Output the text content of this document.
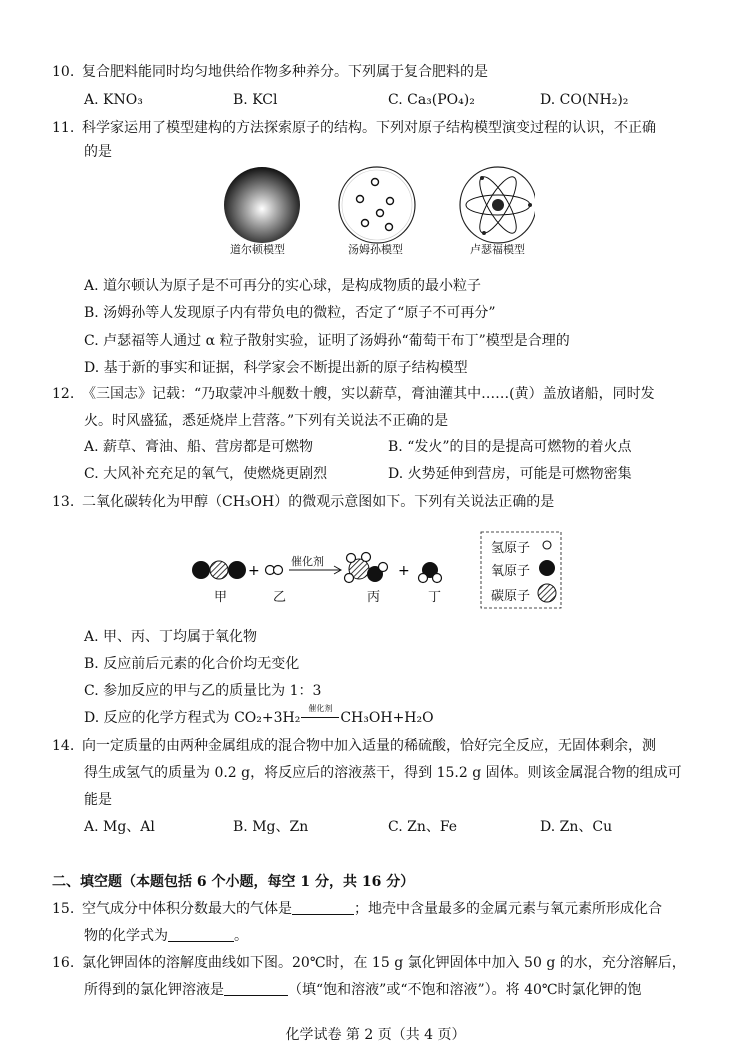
10. 复合肥料能同时均匀地供给作物多种养分。下列属于复合肥料的是
A. KNO₃	B. KCl	C. Ca₃(PO₄)₂	D. CO(NH₂)₂
11. 科学家运用了模型建构的方法探索原子的结构。下列对原子结构模型演变过程的认识，不正确
的是
道尔顿模型	汤姆孙模型	卢瑟福模型
A. 道尔顿认为原子是不可再分的实心球，是构成物质的最小粒子
B. 汤姆孙等人发现原子内有带负电的微粒，否定了“原子不可再分”
C. 卢瑟福等人通过 α 粒子散射实验，证明了汤姆孙“葡萄干布丁”模型是合理的
D. 基于新的事实和证据，科学家会不断提出新的原子结构模型
12. 《三国志》记载：“乃取蒙冲斗舰数十艘，实以薪草，膏油灌其中……(黄）盖放诸船，同时发
火。时风盛猛，悉延烧岸上营落。”下列有关说法不正确的是
A. 薪草、膏油、船、营房都是可燃物	B. “发火”的目的是提高可燃物的着火点
C. 大风补充充足的氧气，使燃烧更剧烈	D. 火势延伸到营房，可能是可燃物密集
13. 二氧化碳转化为甲醇（CH₃OH）的微观示意图如下。下列有关说法正确的是
+	+
催化剂
甲	乙	丙	丁
氢原子
氧原子
碳原子
A. 甲、丙、丁均属于氧化物
B. 反应前后元素的化合价均无变化
C. 参加反应的甲与乙的质量比为 1：3
D. 反应的化学方程式为 CO₂+3H₂
催化剂
CH₃OH+H₂O
14. 向一定质量的由两种金属组成的混合物中加入适量的稀硫酸，恰好完全反应，无固体剩余，测
得生成氢气的质量为 0.2 g，将反应后的溶液蒸干，得到 15.2 g 固体。则该金属混合物的组成可
能是
A. Mg、Al	B. Mg、Zn	C. Zn、Fe	D. Zn、Cu
二、填空题（本题包括 6 个小题，每空 1 分，共 16 分）
15. 空气成分中体积分数最大的气体是	；地壳中含量最多的金属元素与氧元素所形成化合
物的化学式为	。
16. 氯化钾固体的溶解度曲线如下图。20℃时，在 15 g 氯化钾固体中加入 50 g 的水，充分溶解后，
所得到的氯化钾溶液是	（填“饱和溶液”或“不饱和溶液”）。将 40℃时氯化钾的饱
化学试卷 第 2 页（共 4 页）
